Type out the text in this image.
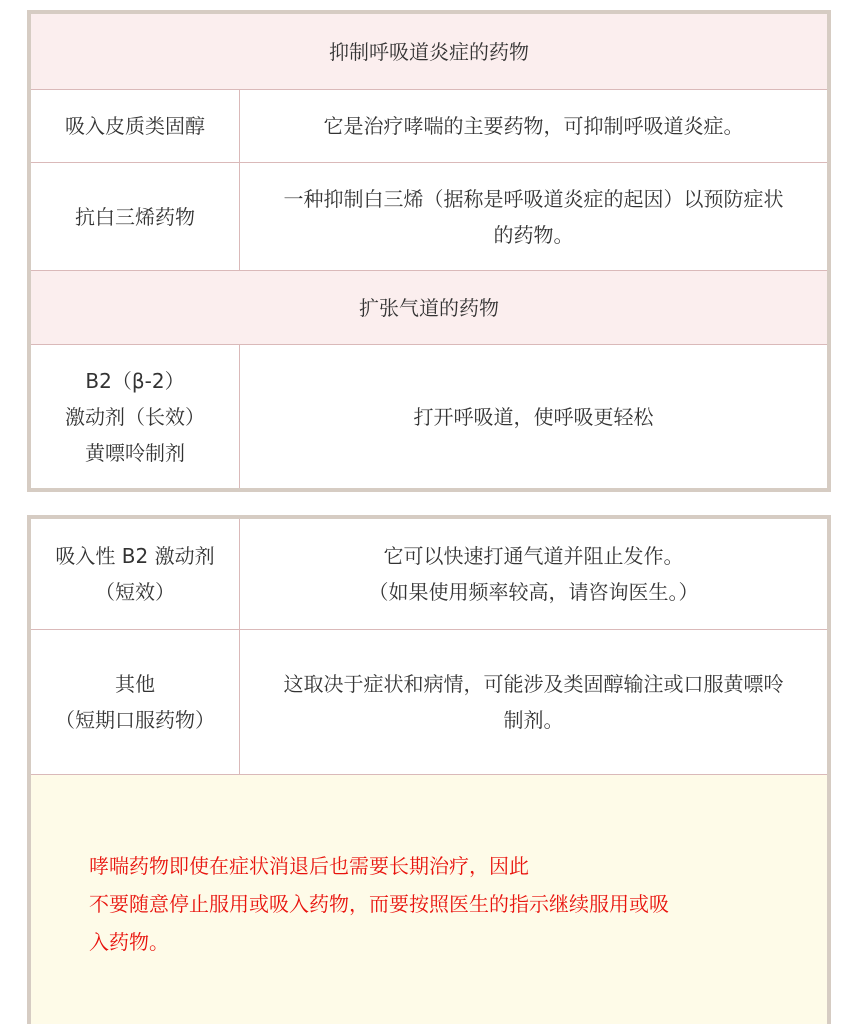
抑制呼吸道炎症的药物
吸入皮质类固醇	它是治疗哮喘的主要药物，可抑制呼吸道炎症。
抗白三烯药物
一种抑制白三烯（据称是呼吸道炎症的起因）以预防症状
的药物。
扩张气道的药物
B2（β-2）
激动剂（长效）
黄嘌呤制剂
打开呼吸道，使呼吸更轻松
吸入性 B2 激动剂
（短效）
它可以快速打通气道并阻止发作。
（如果使用频率较高，请咨询医生。）
其他
（短期口服药物）
这取决于症状和病情，可能涉及类固醇输注或口服黄嘌呤
制剂。
哮喘药物即使在症状消退后也需要长期治疗，因此
不要随意停止服用或吸入药物，而要按照医生的指示继续服用或吸
入药物。
